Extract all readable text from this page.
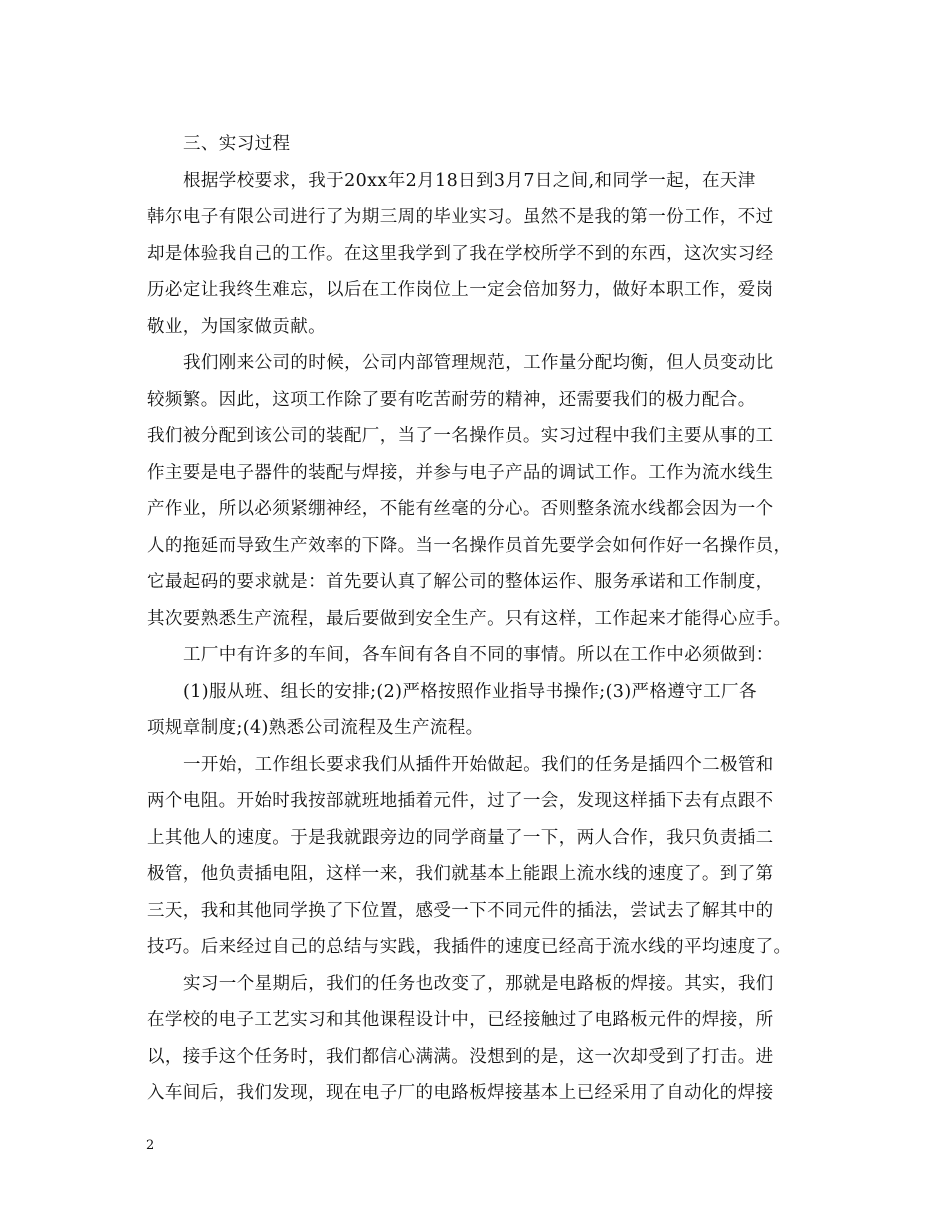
三、实习过程
根据学校要求，我于20xx年2月18日到3月7日之间,和同学一起，在天津
韩尔电子有限公司进行了为期三周的毕业实习。虽然不是我的第一份工作，不过
却是体验我自己的工作。在这里我学到了我在学校所学不到的东西，这次实习经
历必定让我终生难忘，以后在工作岗位上一定会倍加努力，做好本职工作，爱岗
敬业，为国家做贡献。
我们刚来公司的时候，公司内部管理规范，工作量分配均衡，但人员变动比
较频繁。因此，这项工作除了要有吃苦耐劳的精神，还需要我们的极力配合。
我们被分配到该公司的装配厂，当了一名操作员。实习过程中我们主要从事的工
作主要是电子器件的装配与焊接，并参与电子产品的调试工作。工作为流水线生
产作业，所以必须紧绷神经，不能有丝毫的分心。否则整条流水线都会因为一个
人的拖延而导致生产效率的下降。当一名操作员首先要学会如何作好一名操作员，
它最起码的要求就是：首先要认真了解公司的整体运作、服务承诺和工作制度，
其次要熟悉生产流程，最后要做到安全生产。只有这样，工作起来才能得心应手。
工厂中有许多的车间，各车间有各自不同的事情。所以在工作中必须做到：
(1)服从班、组长的安排;(2)严格按照作业指导书操作;(3)严格遵守工厂各
项规章制度;(4)熟悉公司流程及生产流程。
一开始，工作组长要求我们从插件开始做起。我们的任务是插四个二极管和
两个电阻。开始时我按部就班地插着元件，过了一会，发现这样插下去有点跟不
上其他人的速度。于是我就跟旁边的同学商量了一下，两人合作，我只负责插二
极管，他负责插电阻，这样一来，我们就基本上能跟上流水线的速度了。到了第
三天，我和其他同学换了下位置，感受一下不同元件的插法，尝试去了解其中的
技巧。后来经过自己的总结与实践，我插件的速度已经高于流水线的平均速度了。
实习一个星期后，我们的任务也改变了，那就是电路板的焊接。其实，我们
在学校的电子工艺实习和其他课程设计中，已经接触过了电路板元件的焊接，所
以，接手这个任务时，我们都信心满满。没想到的是，这一次却受到了打击。进
入车间后，我们发现，现在电子厂的电路板焊接基本上已经采用了自动化的焊接
2
